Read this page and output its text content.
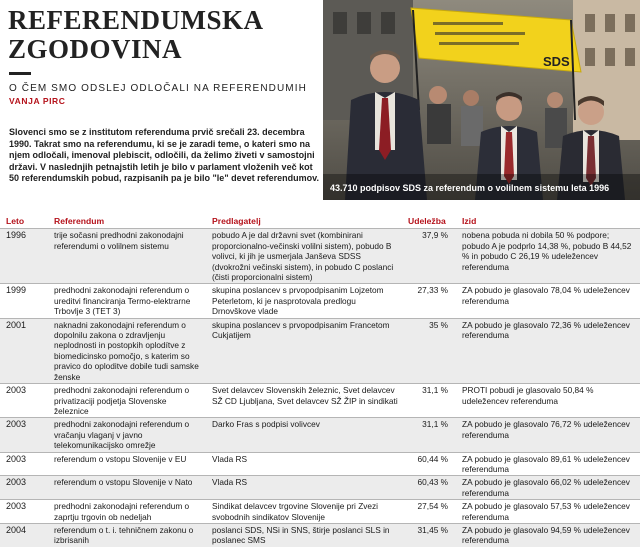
REFERENDUMSKA ZGODOVINA
O ČEM SMO ODSLEJ ODLOČALI NA REFERENDUMIH
VANJA PIRC
Slovenci smo se z institutom referenduma prvič srečali 23. decembra 1990. Takrat smo na referendumu, ki se je zaradi teme, o kateri smo na njem odločali, imenoval plebiscit, odločili, da želimo živeti v samostojni državi. V naslednjih petnajstih letih je bilo v parlament vloženih več kot 50 referendumskih pobud, razpisanih pa je bilo "le" devet referendumov.
SDS
43.710 podpisov SDS za referendum o volilnem sistemu leta 1996
Leto	Referendum	Predlagatelj	Udeležba	Izid
1996	trije sočasni predhodni zakonodajni referendumi o volilnem sistemu	pobudo A je dal državni svet (kombinirani proporcionalno-večinski volilni sistem), pobudo B volivci, ki jih je usmerjala Janševa SDSS (dvokrožni večinski sistem), in pobudo C poslanci (čisti proporcionalni sistem)	37,9 %	nobena pobuda ni dobila 50 % podpore; pobudo A je podprlo 14,38 %, pobudo B 44,52 % in pobudo C 26,19 % udeležencev referenduma
1999	predhodni zakonodajni referendum o ureditvi financiranja Termo-elektrarne Trbovlje 3 (TET 3)	skupina poslancev s prvopodpisanim Lojzetom Peterletom, ki je nasprotovala predlogu Drnovškove vlade	27,33 %	ZA pobudo je glasovalo 78,04 % udeležencev referenduma
2001	naknadni zakonodajni referendum o dopolnilu zakona o zdravljenju neplodnosti in postopkih oplodítve z biomedicinsko pomočjo, s katerim so pravico do oploditve dobile tudi samske ženske	skupina poslancev s prvopodpisanim Francetom Cukjatijem	35 %	ZA pobudo je glasovalo 72,36 % udeležencev referenduma
2003	predhodni zakonodajni referendum o privatizaciji podjetja Slovenske železnice	Svet delavcev Slovenskih železnic, Svet delavcev SŽ CD Ljubljana, Svet delavcev SŽ ŽIP in sindikati	31,1 %	PROTI pobudi je glasovalo 50,84 % udeležencev referenduma
2003	predhodni zakonodajni referendum o vračanju vlaganj v javno telekomunikacijsko omrežje	Darko Fras s podpisi volivcev	31,1 %	ZA pobudo je glasovalo 76,72 % udeležencev referenduma
2003	referendum o vstopu Slovenije v EU	Vlada RS	60,44 %	ZA pobudo je glasovalo 89,61 % udeležencev referenduma
2003	referendum o vstopu Slovenije v Nato	Vlada RS	60,43 %	ZA pobudo je glasovalo 66,02 % udeležencev referenduma
2003	predhodni zakonodajni referendum o zaprtju trgovin ob nedeljah	Sindikat delavcev trgovine Slovenije pri Zvezi svobodnih sindikatov Slovenije	27,54 %	ZA pobudo je glasovalo 57,53 % udeležencev referenduma
2004	referendum o t. i. tehničnem zakonu o izbrisanih	poslanci SDS, NSi in SNS, štirje poslanci SLS in poslanec SMS	31,45 %	ZA pobudo je glasovalo 94,59 % udeležencev referenduma
